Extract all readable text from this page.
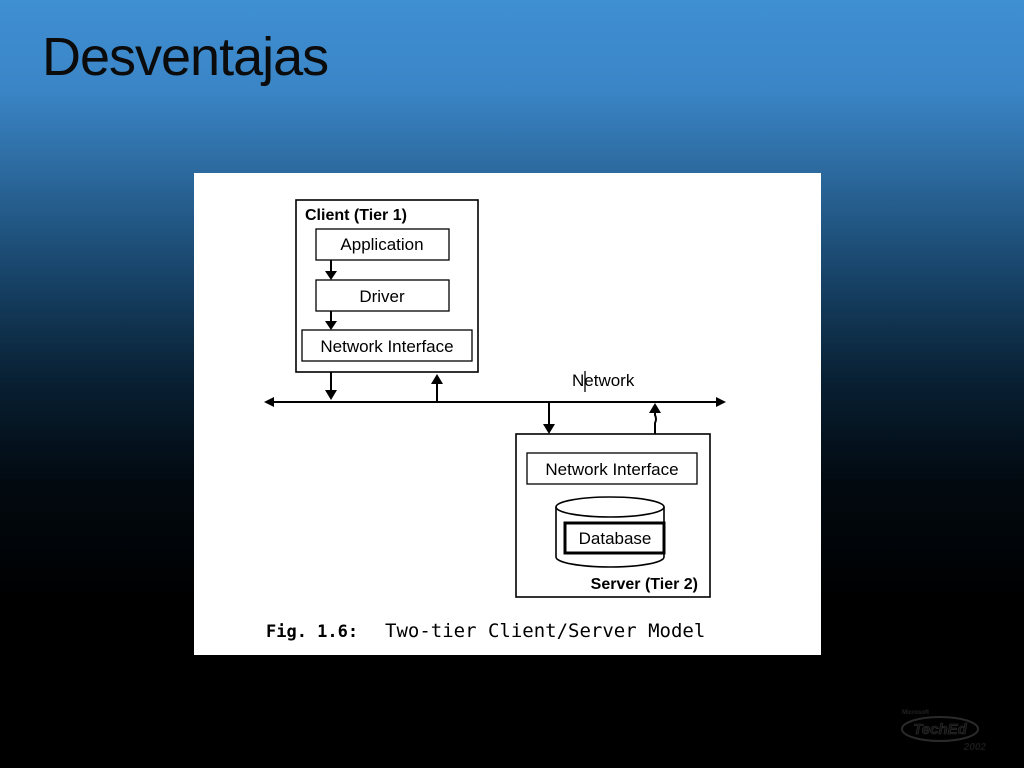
Desventajas
Client (Tier 1)
Application
Driver
Network Interface
Network
Network Interface
Database
Server (Tier 2)
Fig. 1.6: Two-tier Client/Server Model
Microsoft
TechEd
2002
